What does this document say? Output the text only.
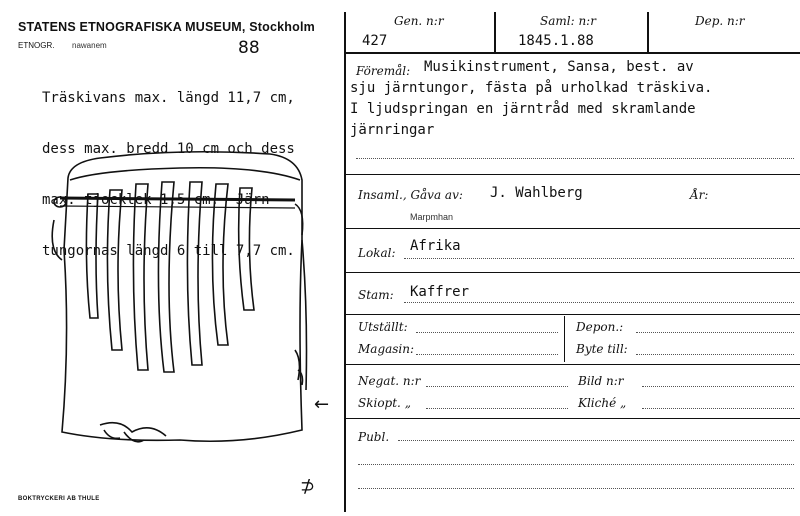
STATENS ETNOGRAFISKA MUSEUM, Stockholm
ETNOGR. nawanem	88

Träskivans max. längd 11,7 cm,

dess max. bredd 10 cm och dess

max. tjocklek 1,5 cm.  Järn-

tungornas längd 6 till 7,7 cm.

←
⊅
BOKTRYCKERI AB THULE
Gen. n:r	Saml: n:r	Dep. n:r
427	1845.1.88
Föremål: Musikinstrument, Sansa, best. av
sju järntungor, fästa på urholkad träskiva.
I ljudspringan en järntråd med skramlande
järnringar
Insaml., Gåva av: J. Wahlberg	År:
Marpmhan
Lokal: Afrika
Stam: Kaffrer
Utställt:	Depon.:
Magasin:	Byte till:
Negat. n:r	Bild n:r
Skiopt. „	Kliché „
Publ.
